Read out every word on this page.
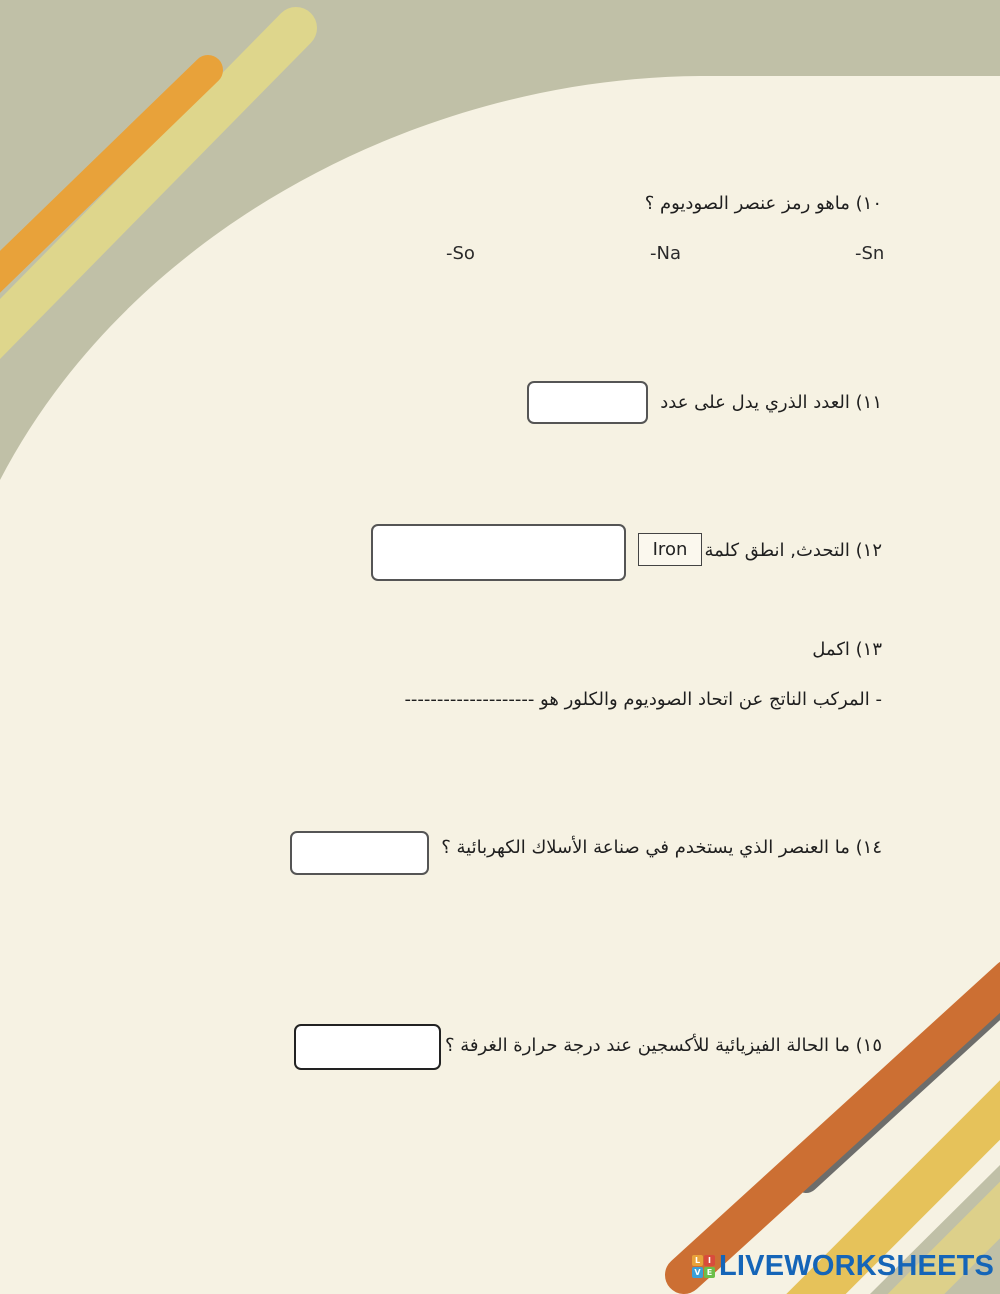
١٠) ماهو رمز عنصر الصوديوم ؟
-Sn
-Na
-So
١١) العدد الذري يدل على عدد
١٢) التحدث, انطق كلمة
Iron
١٣) اكمل
- المركب الناتج عن اتحاد الصوديوم والكلور هو --------------------
١٤) ما العنصر الذي يستخدم في صناعة الأسلاك الكهربائية ؟
١٥) ما الحالة الفيزيائية للأكسجين عند درجة حرارة الغرفة ؟
L I
V E LIVEWORKSHEETS
